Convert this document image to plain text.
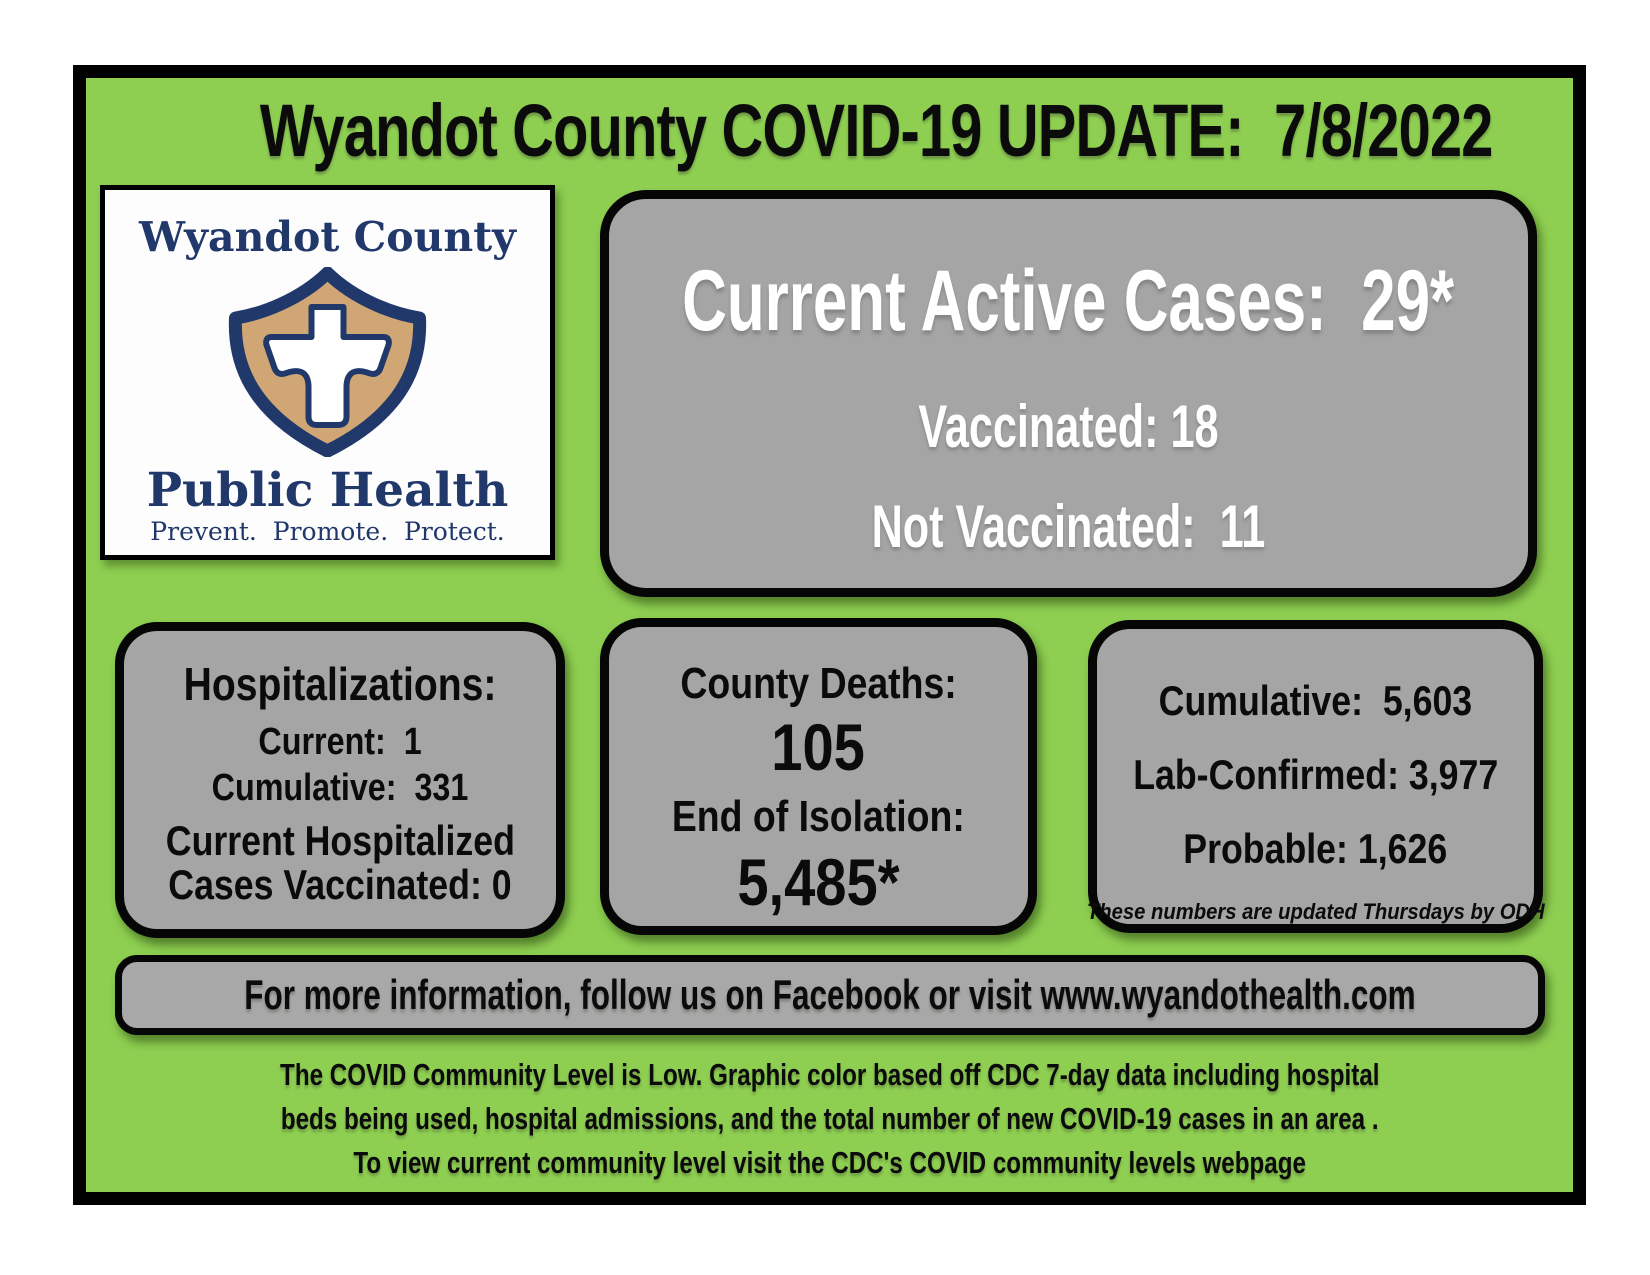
Wyandot County COVID-19 UPDATE:  7/8/2022
Wyandot County
Public Health
Prevent.  Promote.  Protect.
Current Active Cases:  29*
Vaccinated: 18
Not Vaccinated:  11
Hospitalizations:
Current:  1
Cumulative:  331
Current Hospitalized
Cases Vaccinated: 0
County Deaths:
105
End of Isolation:
5,485*
Cumulative:  5,603
Lab-Confirmed: 3,977
Probable: 1,626
These numbers are updated Thursdays by ODH
For more information, follow us on Facebook or visit www.wyandothealth.com
The COVID Community Level is Low. Graphic color based off CDC 7-day data including hospital
beds being used, hospital admissions, and the total number of new COVID-19 cases in an area .
To view current community level visit the CDC's COVID community levels webpage
